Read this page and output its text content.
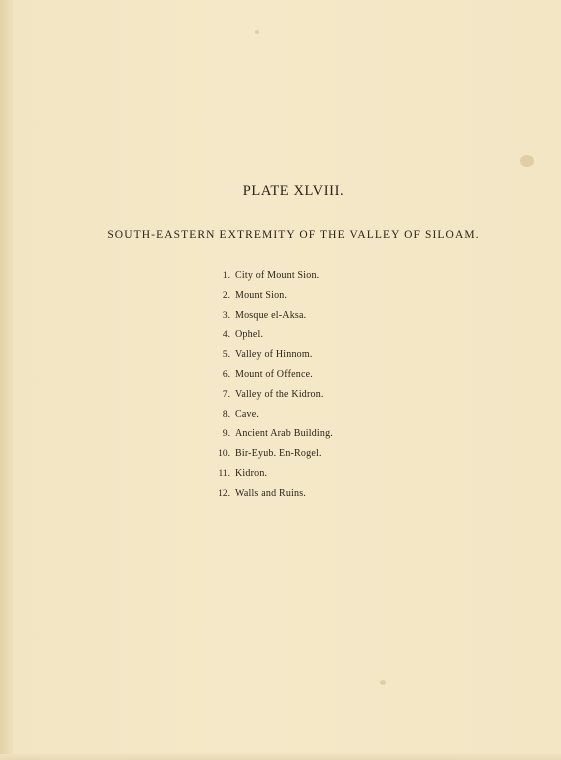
PLATE XLVIII.
SOUTH-EASTERN EXTREMITY OF THE VALLEY OF SILOAM.
1. City of Mount Sion.
2. Mount Sion.
3. Mosque el-Aksa.
4. Ophel.
5. Valley of Hinnom.
6. Mount of Offence.
7. Valley of the Kidron.
8. Cave.
9. Ancient Arab Building.
10. Bir-Eyub. En-Rogel.
11. Kidron.
12. Walls and Ruins.
